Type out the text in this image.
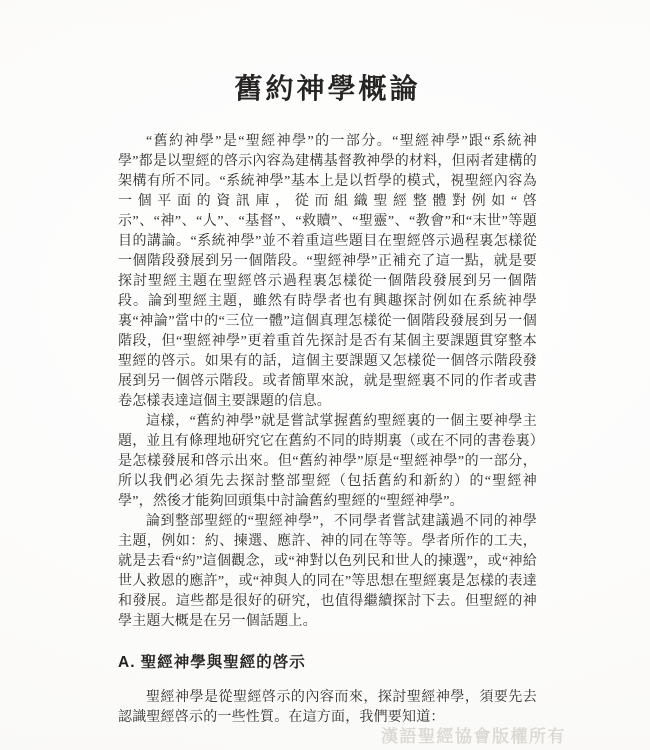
舊約神學概論

“舊約神學”是“聖經神學”的一部分。“聖經神學”跟“系統神學”都是以聖經的啓示內容為建構基督教神學的材料，但兩者建構的架構有所不同。“系統神學”基本上是以哲學的模式，視聖經內容為一個平面的資訊庫，從而組織聖經整體對例如“啓示”、“神”、“人”、“基督”、“救贖”、“聖靈”、“教會”和“末世”等題目的講論。“系統神學”並不着重這些題目在聖經啓示過程裏怎樣從一個階段發展到另一個階段。“聖經神學”正補充了這一點，就是要探討聖經主題在聖經啓示過程裏怎樣從一個階段發展到另一個階段。論到聖經主題，雖然有時學者也有興趣探討例如在系統神學裏“神論”當中的“三位一體”這個真理怎樣從一個階段發展到另一個階段，但“聖經神學”更着重首先探討是否有某個主要課題貫穿整本聖經的啓示。如果有的話，這個主要課題又怎樣從一個啓示階段發展到另一個啓示階段。或者簡單來說，就是聖經裏不同的作者或書卷怎樣表達這個主要課題的信息。

這樣，“舊約神學”就是嘗試掌握舊約聖經裏的一個主要神學主題，並且有條理地研究它在舊約不同的時期裏（或在不同的書卷裏）是怎樣發展和啓示出來。但“舊約神學”原是“聖經神學”的一部分，所以我們必須先去探討整部聖經（包括舊約和新約）的“聖經神學”，然後才能夠回頭集中討論舊約聖經的“聖經神學”。

論到整部聖經的“聖經神學”，不同學者嘗試建議過不同的神學主題，例如：約、揀選、應許、神的同在等等。學者所作的工夫，就是去看“約”這個觀念，或“神對以色列民和世人的揀選”，或“神給世人救恩的應許”，或“神與人的同在”等思想在聖經裏是怎樣的表達和發展。這些都是很好的研究，也值得繼續探討下去。但聖經的神學主題大概是在另一個話題上。

A. 聖經神學與聖經的啓示

聖經神學是從聖經啓示的內容而來，探討聖經神學，須要先去認識聖經啓示的一些性質。在這方面，我們要知道：

漢語聖經協會版權所有
